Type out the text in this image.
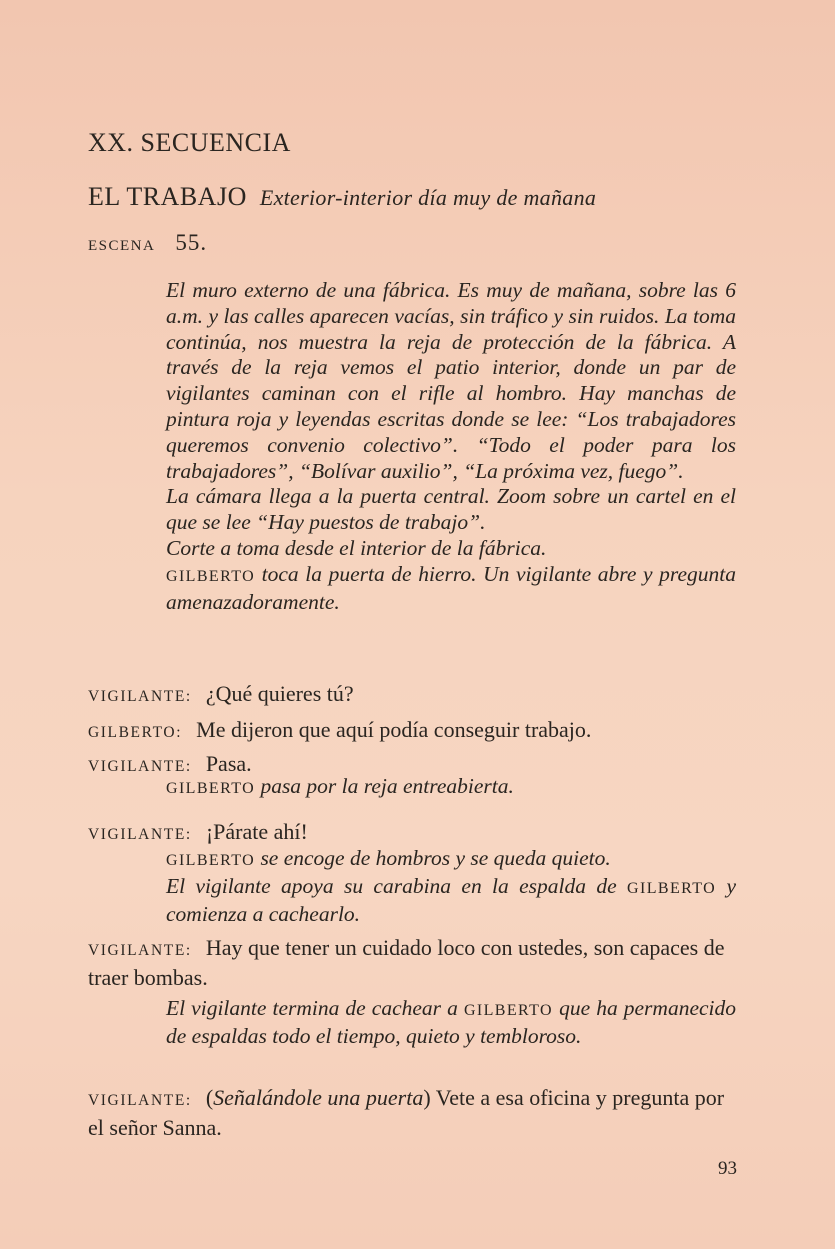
XX. SECUENCIA
EL TRABAJO Exterior-interior día muy de mañana
ESCENA 55.

El muro externo de una fábrica. Es muy de mañana, sobre las 6 a.m. y las calles aparecen vacías, sin tráfico y sin ruidos. La toma continúa, nos muestra la reja de protección de la fábrica. A través de la reja vemos el patio interior, donde un par de vigilantes caminan con el rifle al hombro. Hay manchas de pintura roja y leyendas escritas donde se lee: “Los trabajadores queremos convenio colectivo”. “Todo el poder para los trabajadores”, “Bolívar auxilio”, “La próxima vez, fuego”.

La cámara llega a la puerta central. Zoom sobre un cartel en el que se lee “Hay puestos de trabajo”.

Corte a toma desde el interior de la fábrica.

GILBERTO toca la puerta de hierro. Un vigilante abre y pregunta amenazadoramente.

VIGILANTE: ¿Qué quieres tú?
GILBERTO: Me dijeron que aquí podía conseguir trabajo.
VIGILANTE: Pasa.

GILBERTO pasa por la reja entreabierta.

VIGILANTE: ¡Párate ahí!

GILBERTO se encoge de hombros y se queda quieto.

El vigilante apoya su carabina en la espalda de GILBERTO y comienza a cachearlo.

VIGILANTE: Hay que tener un cuidado loco con ustedes, son capaces de traer bombas.

El vigilante termina de cachear a GILBERTO que ha permanecido de espaldas todo el tiempo, quieto y tembloroso.

VIGILANTE: (Señalándole una puerta) Vete a esa oficina y pregunta por el señor Sanna.
93
